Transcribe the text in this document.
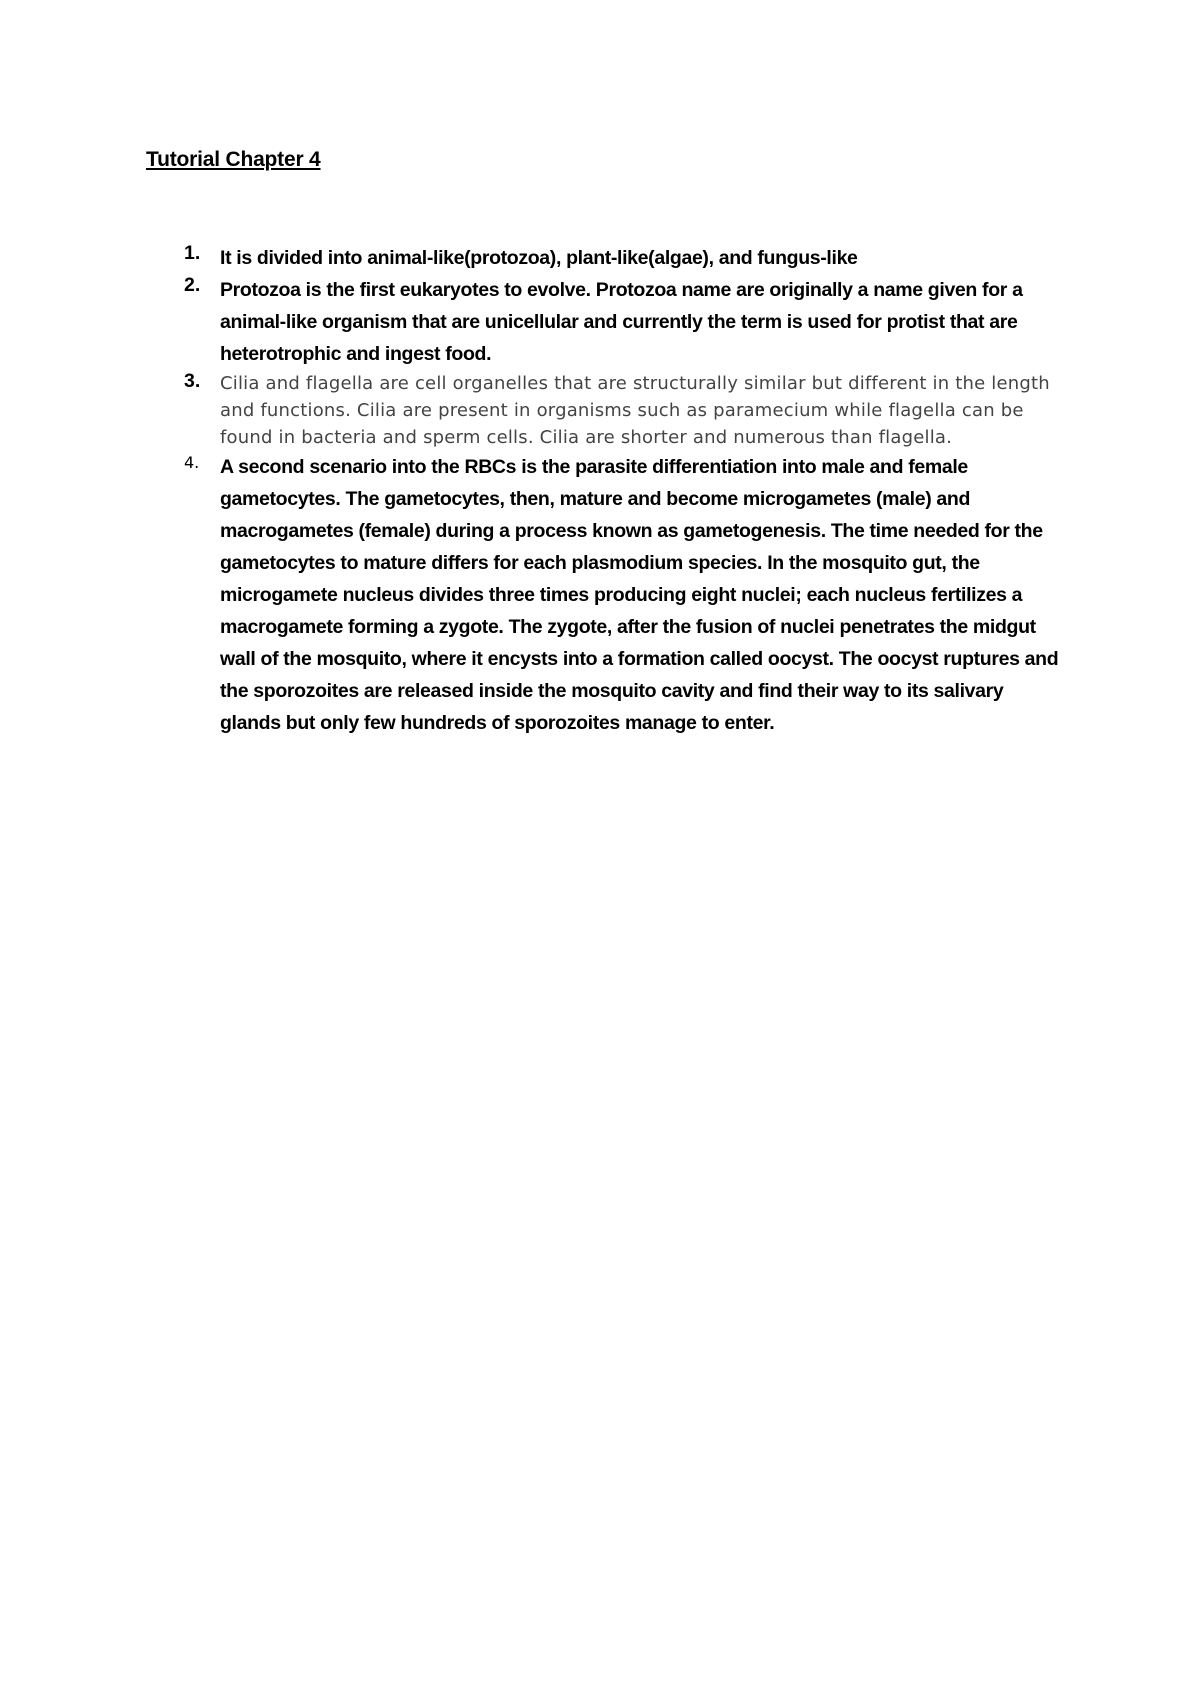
Tutorial Chapter 4
1. It is divided into animal-like(protozoa), plant-like(algae), and fungus-like
2. Protozoa is the first eukaryotes to evolve. Protozoa name are originally a name given for a animal-like organism that are unicellular and currently the term is used for protist that are heterotrophic and ingest food.
3. Cilia and flagella are cell organelles that are structurally similar but different in the length and functions. Cilia are present in organisms such as paramecium while flagella can be found in bacteria and sperm cells. Cilia are shorter and numerous than flagella.
4. A second scenario into the RBCs is the parasite differentiation into male and female gametocytes. The gametocytes, then, mature and become microgametes (male) and macrogametes (female) during a process known as gametogenesis. The time needed for the gametocytes to mature differs for each plasmodium species. In the mosquito gut, the microgamete nucleus divides three times producing eight nuclei; each nucleus fertilizes a macrogamete forming a zygote. The zygote, after the fusion of nuclei penetrates the midgut wall of the mosquito, where it encysts into a formation called oocyst. The oocyst ruptures and the sporozoites are released inside the mosquito cavity and find their way to its salivary glands but only few hundreds of sporozoites manage to enter.
